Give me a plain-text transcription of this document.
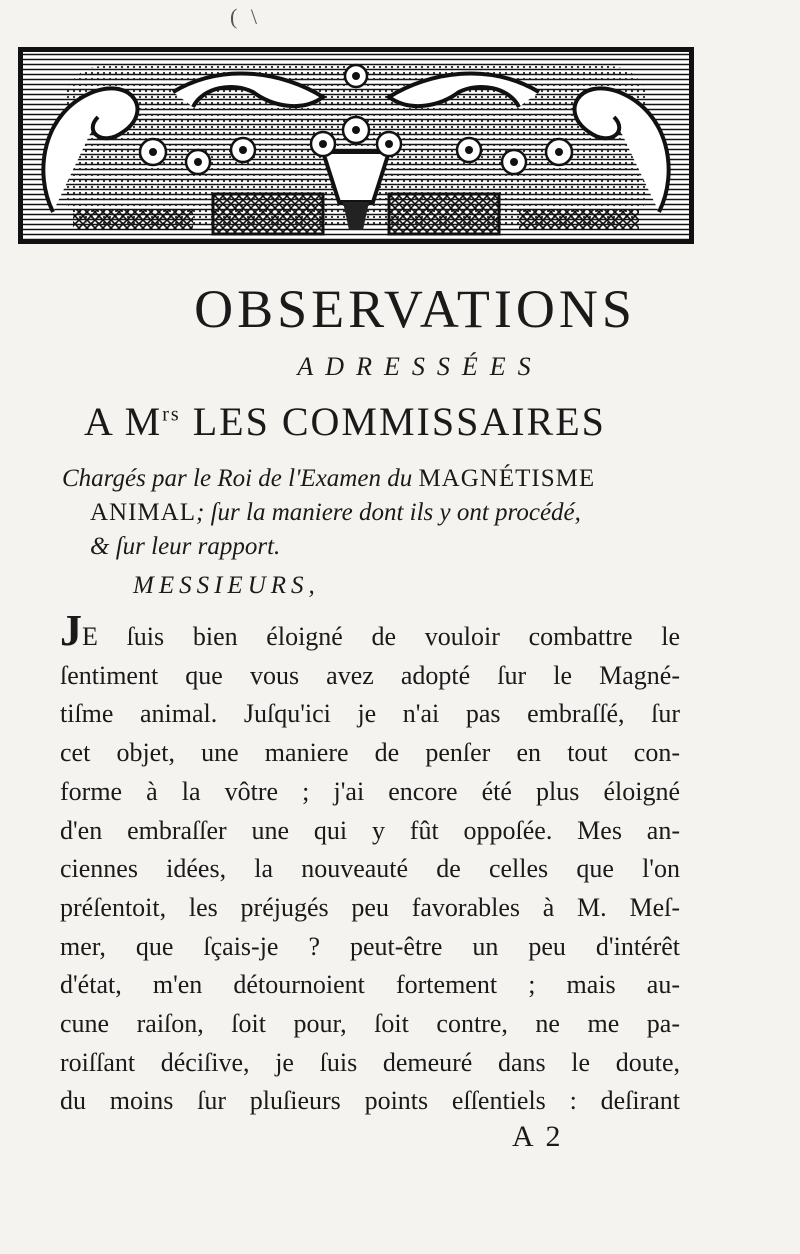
( \
OBSERVATIONS
ADRESSÉES
A $M^{rs}$ LES COMMISSAIRES
Chargés par le Roi de l'Examen du MAGNÉTISME
ANIMAL; ſur la maniere dont ils y ont procédé,
& ſur leur rapport.
MESSIEURS,
JE ſuis bien éloigné de vouloir combattre le
ſentiment que vous avez adopté ſur le Magné-
tiſme animal. Juſqu'ici je n'ai pas embraſſé, ſur
cet objet, une maniere de penſer en tout con-
forme à la vôtre ; j'ai encore été plus éloigné
d'en embraſſer une qui y fût oppoſée. Mes an-
ciennes idées, la nouveauté de celles que l'on
préſentoit, les préjugés peu favorables à M. Meſ-
mer, que ſçais-je ? peut-être un peu d'intérêt
d'état, m'en détournoient fortement ; mais au-
cune raiſon, ſoit pour, ſoit contre, ne me pa-
roiſſant déciſive, je ſuis demeuré dans le doute,
du moins ſur pluſieurs points eſſentiels : deſirant
A 2
